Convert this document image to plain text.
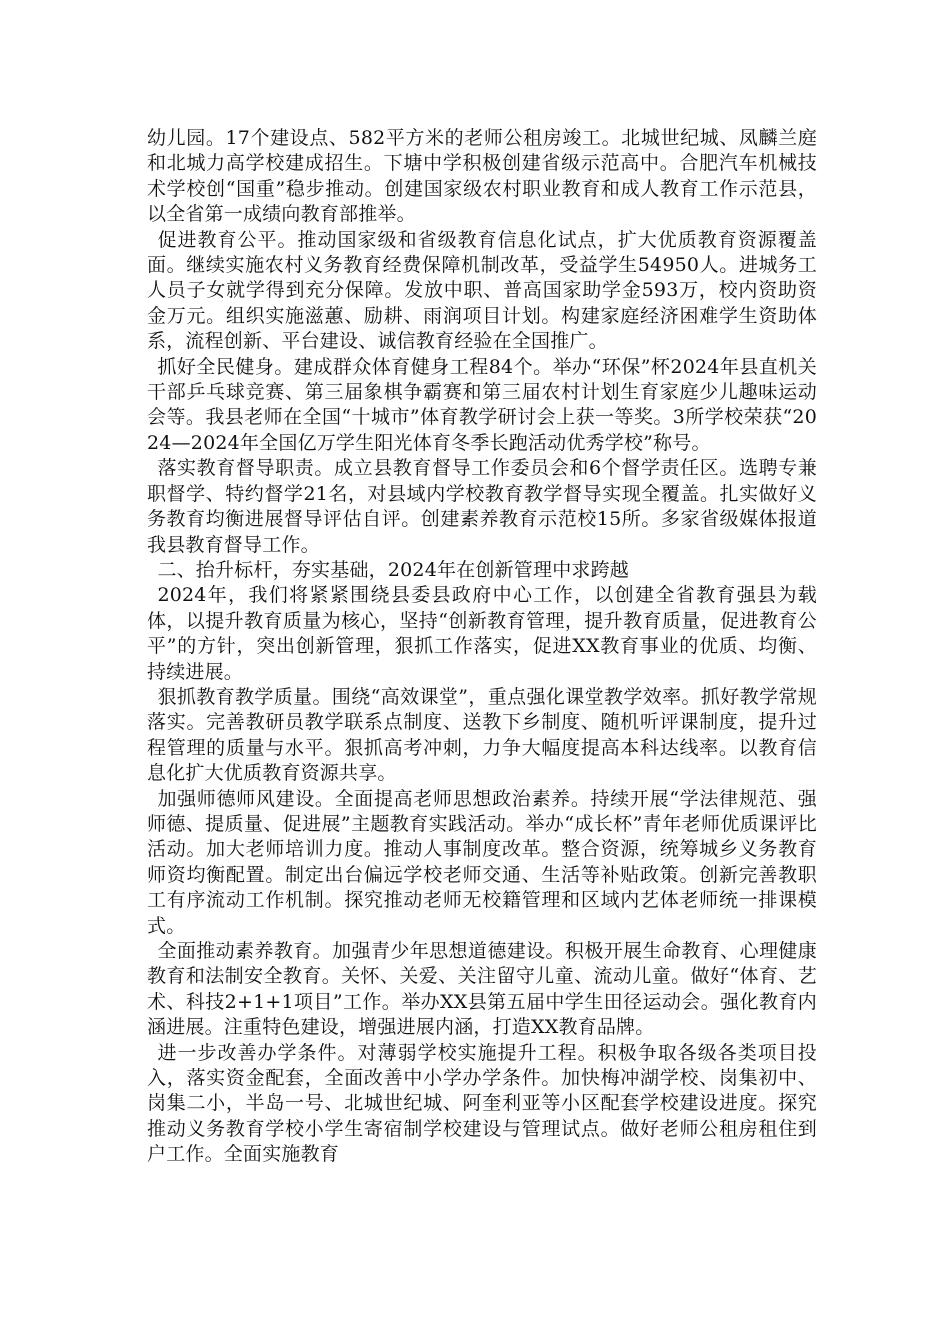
幼儿园。17个建设点、582平方米的老师公租房竣工。北城世纪城、凤麟兰庭和北城力高学校建成招生。下塘中学积极创建省级示范高中。合肥汽车机械技术学校创“国重”稳步推动。创建国家级农村职业教育和成人教育工作示范县，以全省第一成绩向教育部推举。

促进教育公平。推动国家级和省级教育信息化试点，扩大优质教育资源覆盖面。继续实施农村义务教育经费保障机制改革，受益学生54950人。进城务工人员子女就学得到充分保障。发放中职、普高国家助学金593万，校内资助资金万元。组织实施滋蕙、励耕、雨润项目计划。构建家庭经济困难学生资助体系，流程创新、平台建设、诚信教育经验在全国推广。

抓好全民健身。建成群众体育健身工程84个。举办“环保”杯2024年县直机关干部乒乓球竞赛、第三届象棋争霸赛和第三届农村计划生育家庭少儿趣味运动会等。我县老师在全国“十城市”体育教学研讨会上获一等奖。3所学校荣获“2024—2024年全国亿万学生阳光体育冬季长跑活动优秀学校”称号。

落实教育督导职责。成立县教育督导工作委员会和6个督学责任区。选聘专兼职督学、特约督学21名，对县域内学校教育教学督导实现全覆盖。扎实做好义务教育均衡进展督导评估自评。创建素养教育示范校15所。多家省级媒体报道我县教育督导工作。

二、抬升标杆，夯实基础，2024年在创新管理中求跨越

2024年，我们将紧紧围绕县委县政府中心工作，以创建全省教育强县为载体，以提升教育质量为核心，坚持“创新教育管理，提升教育质量，促进教育公平”的方针，突出创新管理，狠抓工作落实，促进XX教育事业的优质、均衡、持续进展。

狠抓教育教学质量。围绕“高效课堂”，重点强化课堂教学效率。抓好教学常规落实。完善教研员教学联系点制度、送教下乡制度、随机听评课制度，提升过程管理的质量与水平。狠抓高考冲刺，力争大幅度提高本科达线率。以教育信息化扩大优质教育资源共享。

加强师德师风建设。全面提高老师思想政治素养。持续开展“学法律规范、强师德、提质量、促进展”主题教育实践活动。举办“成长杯”青年老师优质课评比活动。加大老师培训力度。推动人事制度改革。整合资源，统筹城乡义务教育师资均衡配置。制定出台偏远学校老师交通、生活等补贴政策。创新完善教职工有序流动工作机制。探究推动老师无校籍管理和区域内艺体老师统一排课模式。

全面推动素养教育。加强青少年思想道德建设。积极开展生命教育、心理健康教育和法制安全教育。关怀、关爱、关注留守儿童、流动儿童。做好“体育、艺术、科技2+1+1项目”工作。举办XX县第五届中学生田径运动会。强化教育内涵进展。注重特色建设，增强进展内涵，打造XX教育品牌。

进一步改善办学条件。对薄弱学校实施提升工程。积极争取各级各类项目投入，落实资金配套，全面改善中小学办学条件。加快梅冲湖学校、岗集初中、岗集二小，半岛一号、北城世纪城、阿奎利亚等小区配套学校建设进度。探究推动义务教育学校小学生寄宿制学校建设与管理试点。做好老师公租房租住到户工作。全面实施教育
